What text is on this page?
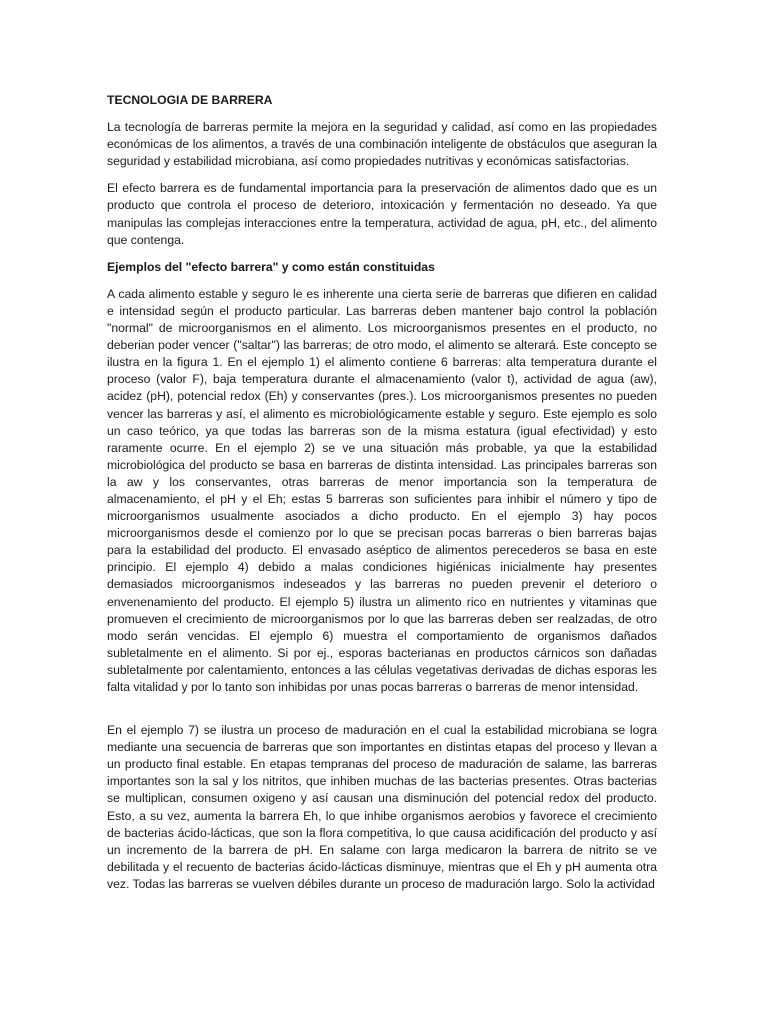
TECNOLOGIA DE BARRERA

La tecnología de barreras permite la mejora en la seguridad y calidad, así como en las propiedades económicas de los alimentos, a través de una combinación inteligente de obstáculos que aseguran la seguridad y estabilidad microbiana, así como propiedades nutritivas y económicas satisfactorias.

El efecto barrera es de fundamental importancia para la preservación de alimentos dado que es un producto que controla el proceso de deterioro, intoxicación y fermentación no deseado. Ya que manipulas las complejas interacciones entre la temperatura, actividad de agua, pH, etc., del alimento que contenga.

Ejemplos del "efecto barrera" y como están constituidas

A cada alimento estable y seguro le es inherente una cierta serie de barreras que difieren en calidad e intensidad según el producto particular. Las barreras deben mantener bajo control la población "normal" de microorganismos en el alimento. Los microorganismos presentes en el producto, no deberian poder vencer ("saltar") las barreras; de otro modo, el alimento se alterará. Este concepto se ilustra en la figura 1. En el ejemplo 1) el alimento contiene 6 barreras: alta temperatura durante el proceso (valor F), baja temperatura durante el almacenamiento (valor t), actividad de agua (aw), acidez (pH), potencial redox (Eh) y conservantes (pres.). Los microorganismos presentes no pueden vencer las barreras y así, el alimento es microbiológicamente estable y seguro. Este ejemplo es solo un caso teórico, ya que todas las barreras son de la misma estatura (igual efectividad) y esto raramente ocurre. En el ejemplo 2) se ve una situación más probable, ya que la estabilidad microbiológica del producto se basa en barreras de distinta intensidad. Las principales barreras son la aw y los conservantes, otras barreras de menor importancia son la temperatura de almacenamiento, el pH y el Eh; estas 5 barreras son suficientes para inhibir el número y tipo de microorganismos usualmente asociados a dicho producto. En el ejemplo 3) hay pocos microorganismos desde el comienzo por lo que se precisan pocas barreras o bien barreras bajas para la estabilidad del producto. El envasado aséptico de alimentos perecederos se basa en este principio. El ejemplo 4) debido a malas condiciones higiénicas inicialmente hay presentes demasiados microorganismos indeseados y las barreras no pueden prevenir el deterioro o envenenamiento del producto. El ejemplo 5) ilustra un alimento rico en nutrientes y vitaminas que promueven el crecimiento de microorganismos por lo que las barreras deben ser realzadas, de otro modo serán vencidas. El ejemplo 6) muestra el comportamiento de organismos dañados subletalmente en el alimento. Si por ej., esporas bacterianas en productos cárnicos son dañadas subletalmente por calentamiento, entonces a las células vegetativas derivadas de dichas esporas les falta vitalidad y por lo tanto son inhibidas por unas pocas barreras o barreras de menor intensidad.

En el ejemplo 7) se ilustra un proceso de maduración en el cual la estabilidad microbiana se logra mediante una secuencia de barreras que son importantes en distintas etapas del proceso y llevan a un producto final estable. En etapas tempranas del proceso de maduración de salame, las barreras importantes son la sal y los nitritos, que inhiben muchas de las bacterias presentes. Otras bacterias se multiplican, consumen oxigeno y así causan una disminución del potencial redox del producto. Esto, a su vez, aumenta la barrera Eh, lo que inhibe organismos aerobios y favorece el crecimiento de bacterias ácido-lácticas, que son la flora competitiva, lo que causa acidificación del producto y así un incremento de la barrera de pH. En salame con larga medicaron la barrera de nitrito se ve debilitada y el recuento de bacterias ácido-lácticas disminuye, mientras que el Eh y pH aumenta otra vez. Todas las barreras se vuelven débiles durante un proceso de maduración largo. Solo la actividad
